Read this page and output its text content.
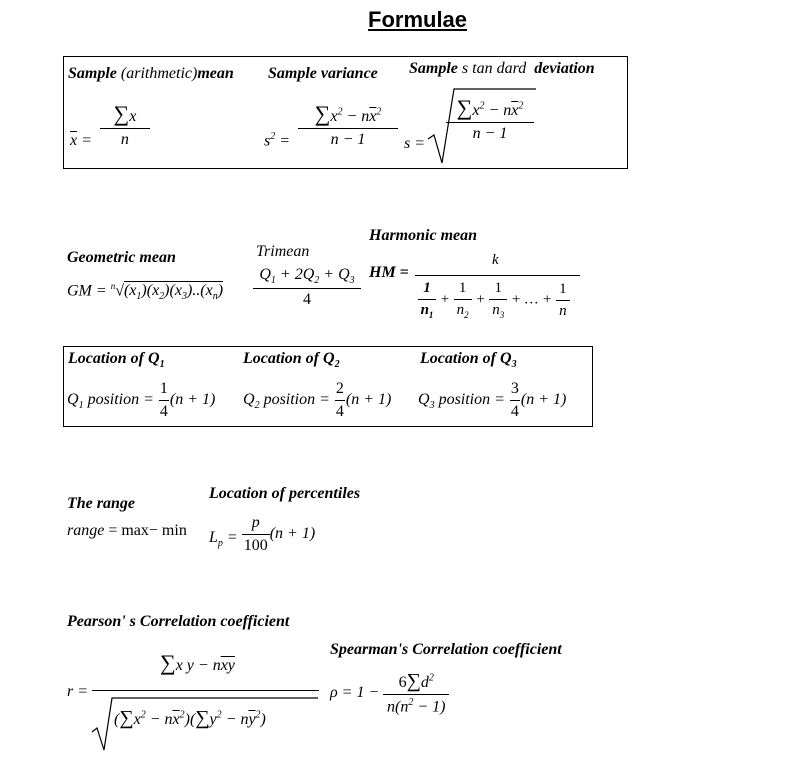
Formulae
Sample (arithmetic)mean Sample variance Sample s tan dard  deviation
$\overline{x} = \frac{\sum x}{n}$	$s^2 = \frac{\sum x^2 - n\overline{x}^2}{n - 1}$ s =
$\frac{\sum x^2 - n\overline{x}^2}{n - 1}$
Geometric mean
GM = $^n√(x_1)(x_2)(x_3)..(x_n)$
Trimean
$\frac{Q_1 + 2Q_2 + Q_3}{4}$
Harmonic mean
HM =
k
$\frac{1}{n_1} + \frac{1}{n_2} + \frac{1}{n_3}$ + … + $\frac{1}{n}$
Location of $Q_1$	Location of $Q_2$	Location of $Q_3$
$Q_1$ position = $\frac{1}{4} (n + 1)$ $Q_2$ position = $\frac{2}{4} (n + 1)$ $Q_3$ position = $\frac{3}{4} (n + 1)$
The range
range = max− min
Location of percentiles
$L_p = \frac{p}{100} (n + 1)$
Pearson' s Correlation coefficient
Spearman's Correlation coefficient
r =
∑x $y - n\overline{xy}$
$(\sum x^2 - n\overline{x}^2)(\sum y^2 - n\overline{y}^2)$
$\rho = 1 - \frac{6\sum d^2}{n(n^2 - 1)}$
